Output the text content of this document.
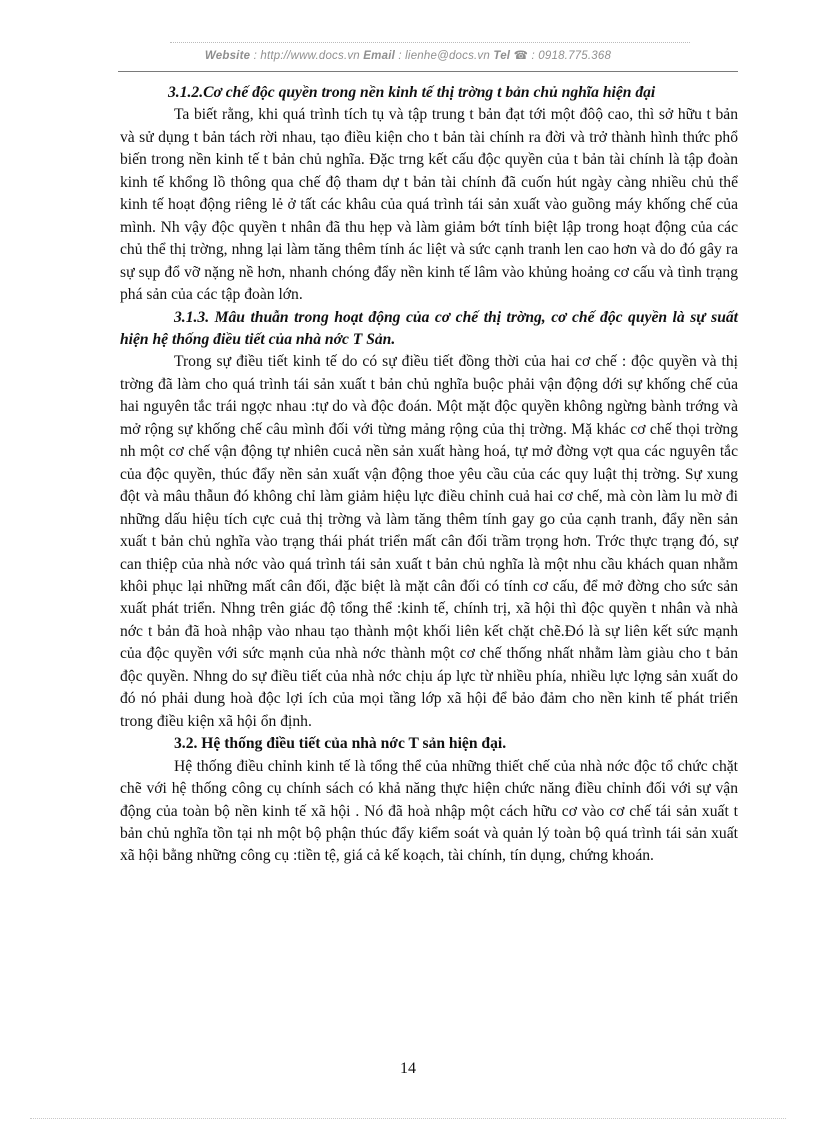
Website : http://www.docs.vn Email : lienhe@docs.vn Tel ☎ : 0918.775.368

3.1.2.Cơ chế độc quyền trong nền kinh tế thị trờng t bản chủ nghĩa hiện đại

Ta biết rằng, khi quá trình tích tụ và tập trung t bản đạt tới một đôộ cao, thì sở hữu t bản và sử dụng t bản tách rời nhau, tạo điều kiện cho t bản tài chính ra đời và trở thành hình thức phổ biến trong nền kinh tế t bản chủ nghĩa. Đặc trng kết cấu độc quyền của t bản tài chính là tập đoàn kinh tế khổng lồ thông qua chế độ tham dự t bản tài chính đã cuốn hút ngày càng nhiều chủ thể kinh tế hoạt động riêng lẻ ở tất các khâu của quá trình tái sản xuất vào guồng máy khống chế của mình. Nh vậy độc quyền t nhân đã thu hẹp và làm giảm bớt tính biệt lập trong hoạt động của các chủ thể thị trờng, nhng lại làm tăng thêm tính ác liệt và sức cạnh tranh len cao hơn và do đó gây ra sự sụp đổ vỡ nặng nề hơn, nhanh chóng đẩy nền kinh tế lâm vào khủng hoảng cơ cấu và tình trạng phá sản của các tập đoàn lớn.

3.1.3. Mâu thuẫn trong hoạt động của cơ chế thị trờng, cơ chế độc quyền là sự suất hiện hệ thống điều tiết của nhà nớc T Sản.

Trong sự điều tiết kinh tế do có sự điều tiết đồng thời của hai cơ chế : độc quyền và thị trờng đã làm cho quá trình tái sản xuất t bản chủ nghĩa buộc phải vận động dới sự khống chế của hai nguyên tắc trái ngợc nhau :tự do và độc đoán. Một mặt độc quyền không ngừng bành trớng và mở rộng sự khống chế câu mình đối với từng mảng rộng của thị trờng. Mặ khác cơ chế thọi trờng nh một cơ chế vận động tự nhiên cucả nền sản xuất hàng hoá, tự mở đờng vợt qua các nguyên tắc của độc quyền, thúc đẩy nền sản xuất vận động thoe yêu cầu của các quy luật thị trờng. Sự xung đột và mâu thẫun đó không chỉ làm giảm hiệu lực điều chỉnh cuả hai cơ chế, mà còn làm lu mờ đi những dấu hiệu tích cực cuả thị trờng và làm tăng thêm tính gay go của cạnh tranh, đẩy nền sản xuất t bản chủ nghĩa vào trạng thái phát triển mất cân đối trầm trọng hơn. Trớc thực trạng đó, sự can thiệp của nhà nớc vào quá trình tái sản xuất t bản chủ nghĩa là một nhu cầu khách quan nhằm khôi phục lại những mất cân đối, đặc biệt là mặt cân đối có tính cơ cấu, để mở đờng cho sức sản xuất phát triển. Nhng trên giác độ tổng thể :kinh tế, chính trị, xã hội thì độc quyền t nhân và nhà nớc t bản đã hoà nhập vào nhau tạo thành một khối liên kết chặt chẽ.Đó là sự liên kết sức mạnh của độc quyền với sức mạnh của nhà nớc thành một cơ chế thống nhất nhằm làm giàu cho t bản độc quyền. Nhng do sự điều tiết của nhà nớc chịu áp lực từ nhiều phía, nhiều lực lợng sản xuất do đó nó phải dung hoà độc lợi ích của mọi tầng lớp xã hội để bảo đảm cho nền kinh tế phát triển trong điều kiện xã hội ổn định.

3.2. Hệ thống điều tiết của nhà nớc T sản hiện đại.

Hệ thống điều chỉnh kinh tế là tổng thể của những thiết chế của nhà nớc độc tổ chức chặt chẽ với hệ thống công cụ chính sách có khả năng thực hiện chức năng điều chỉnh đối với sự vận động của toàn bộ nền kinh tế xã hội . Nó đã hoà nhập một cách hữu cơ vào cơ chế tái sản xuất t bản chủ nghĩa tồn tại nh một bộ phận thúc đẩy kiểm soát và quản lý toàn bộ quá trình tái sản xuất xã hội bằng những công cụ :tiền tệ, giá cả kế koạch, tài chính, tín dụng, chứng khoán.

14
